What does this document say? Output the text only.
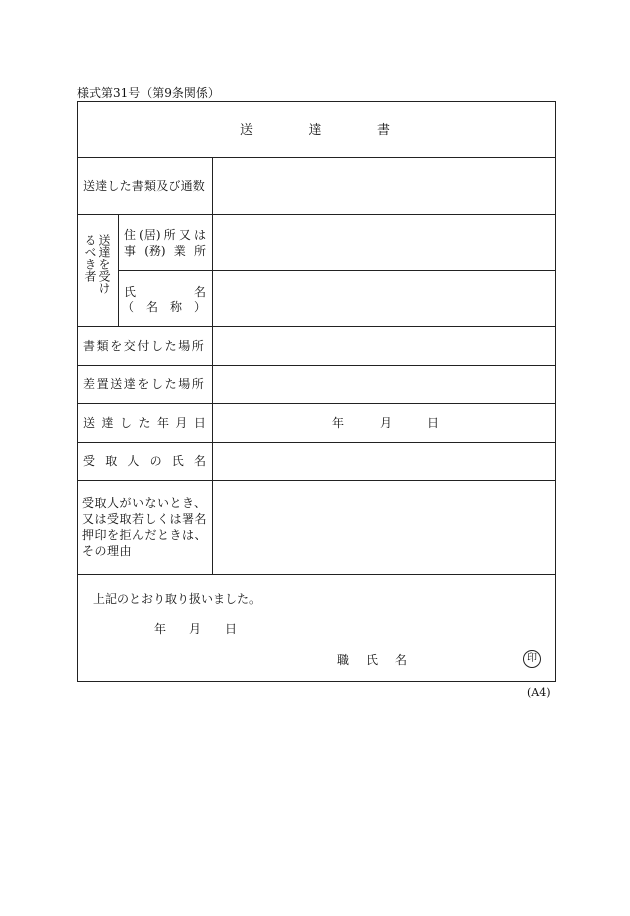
様式第31号（第9条関係）
送	達	書
送達した書類及び通数
送達を受けるべき者	住 (居) 所 又 は
事 (務) 業 所
氏	名
（ 名 称 ）
書類を交付した場所
差置送達をした場所
送 達 し た 年 月 日	年	月	日
受 取 人 の 氏 名
受取人がいないとき、又は受取若しくは署名押印を拒んだときは、その理由
上記のとおり取り扱いました。
年 月 日
職 氏 名	印
(A4)
